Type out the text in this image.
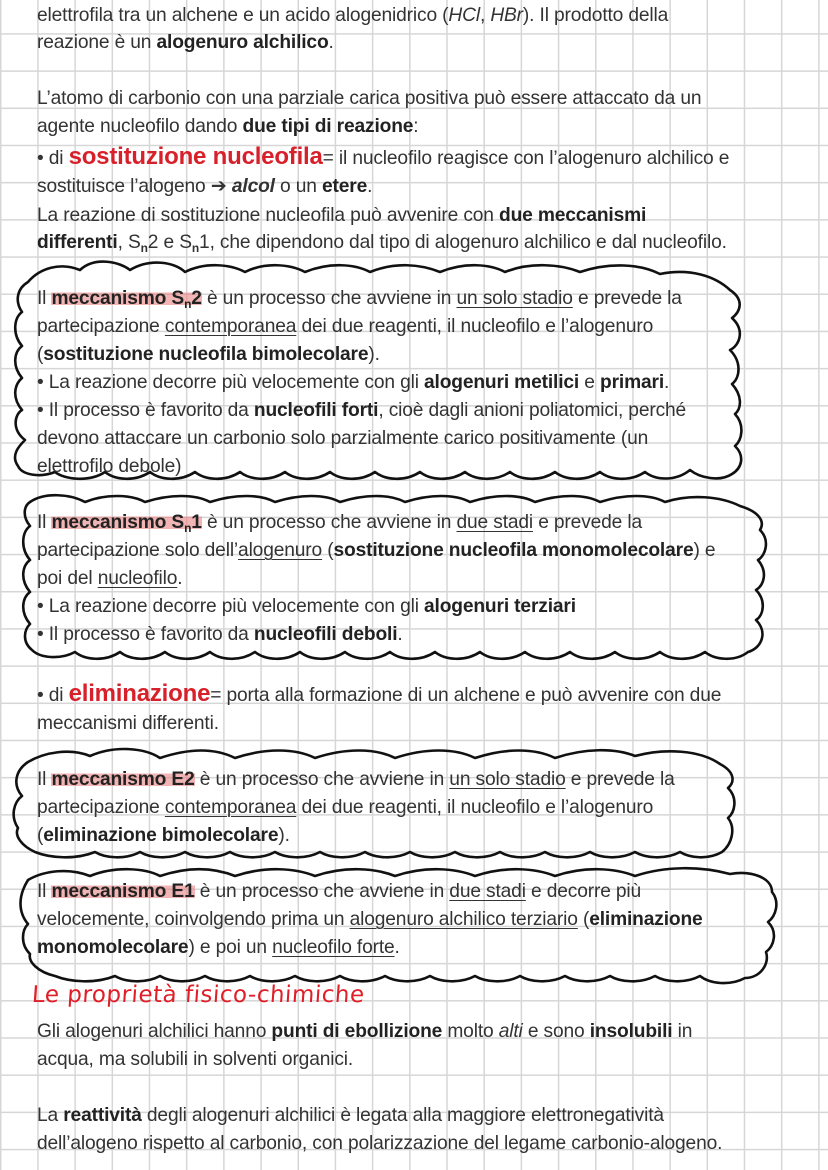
elettrofila tra un alchene e un acido alogenidrico (HCl, HBr). Il prodotto della
reazione è un alogenuro alchilico.
L’atomo di carbonio con una parziale carica positiva può essere attaccato da un
agente nucleofilo dando due tipi di reazione:
• di sostituzione nucleofila= il nucleofilo reagisce con l’alogenuro alchilico e
sostituisce l’alogeno ➔ alcol o un etere.
La reazione di sostituzione nucleofila può avvenire con due meccanismi
differenti, $S_n2$ e $S_n1$, che dipendono dal tipo di alogenuro alchilico e dal nucleofilo.
Il meccanismo $S_n2$ è un processo che avviene in un solo stadio e prevede la
partecipazione contemporanea dei due reagenti, il nucleofilo e l’alogenuro
(sostituzione nucleofila bimolecolare).
• La reazione decorre più velocemente con gli alogenuri metilici e primari.
• Il processo è favorito da nucleofili forti, cioè dagli anioni poliatomici, perché
devono attaccare un carbonio solo parzialmente carico positivamente (un
elettrofilo debole)
Il meccanismo $S_n1$ è un processo che avviene in due stadi e prevede la
partecipazione solo dell’alogenuro (sostituzione nucleofila monomolecolare) e
poi del nucleofilo.
• La reazione decorre più velocemente con gli alogenuri terziari
• Il processo è favorito da nucleofili deboli.
• di eliminazione= porta alla formazione di un alchene e può avvenire con due
meccanismi differenti.
Il meccanismo E2 è un processo che avviene in un solo stadio e prevede la
partecipazione contemporanea dei due reagenti, il nucleofilo e l’alogenuro
(eliminazione bimolecolare).
Il meccanismo E1 è un processo che avviene in due stadi e decorre più
velocemente, coinvolgendo prima un alogenuro alchilico terziario (eliminazione
monomolecolare) e poi un nucleofilo forte.
Le proprietà fisico-chimiche
Gli alogenuri alchilici hanno punti di ebollizione molto alti e sono insolubili in
acqua, ma solubili in solventi organici.
La reattività degli alogenuri alchilici è legata alla maggiore elettronegatività
dell’alogeno rispetto al carbonio, con polarizzazione del legame carbonio-alogeno.
